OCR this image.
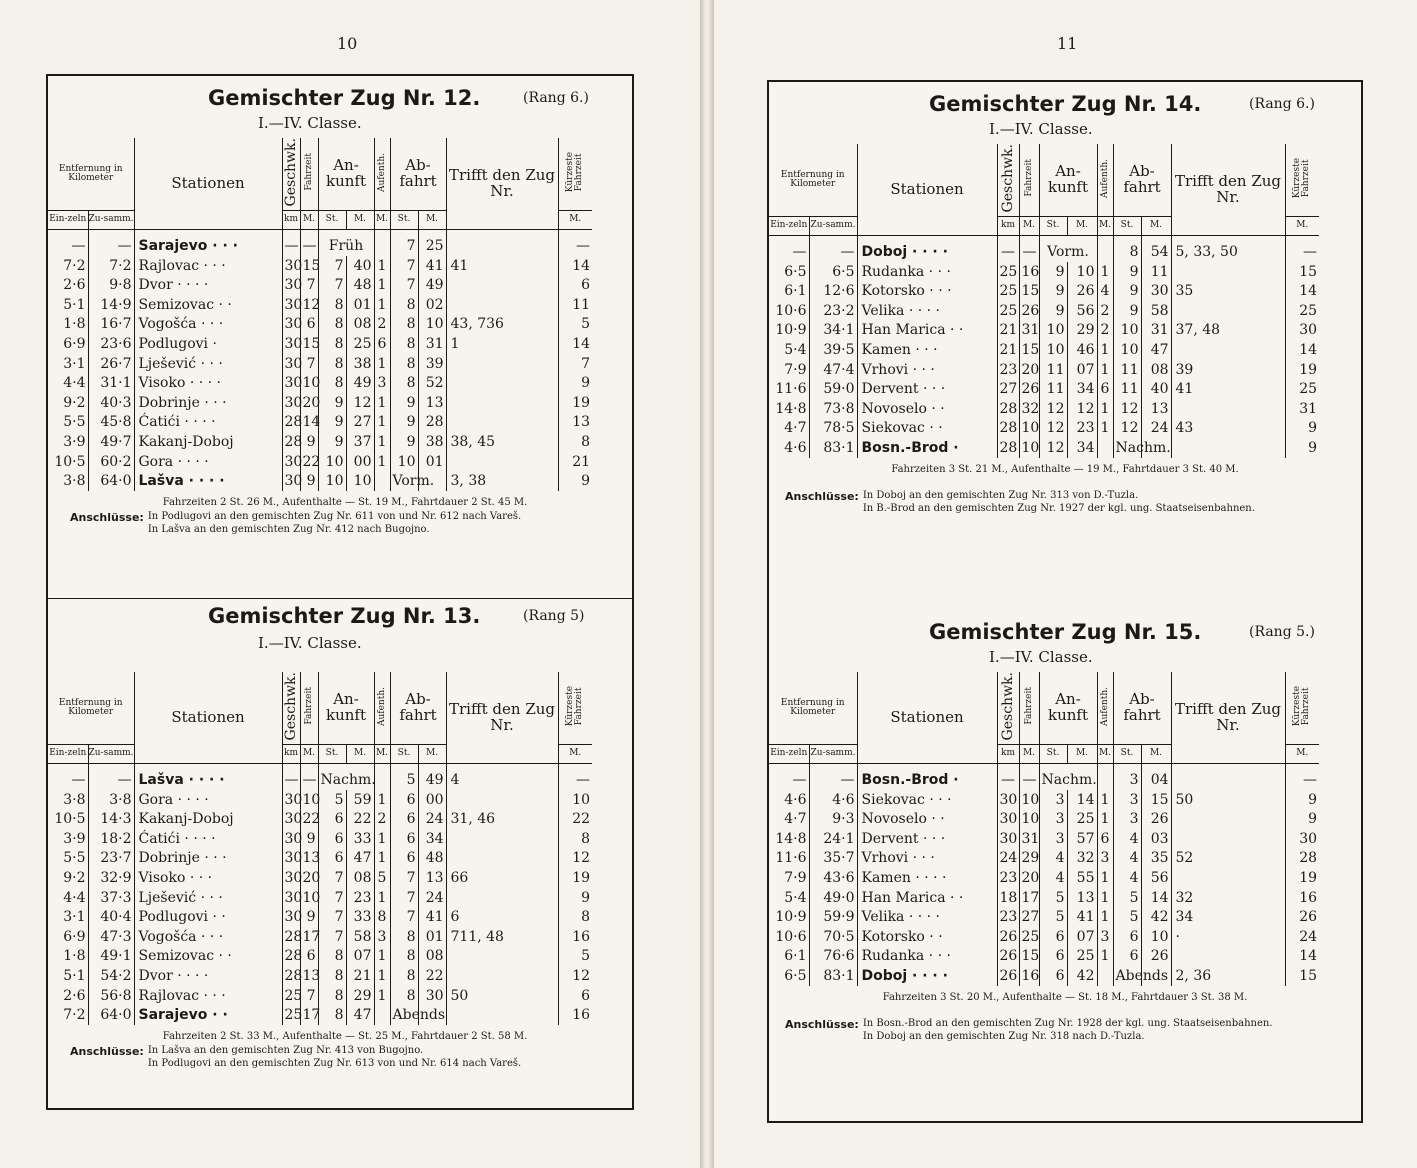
10	11
Gemischter Zug Nr. 12.	(Rang 6.)
I.—IV. Classe.
Entfernung in Kilometer		Stationen	Geschwk.	Fahrzeit	An-kunft		Aufenth.	Ab-fahrt		Trifft den Zug Nr.	Kürzeste Fahrzeit
Ein-zeln	Zu-samm.		km	M.	St.	M.	M.	St.	M.		M.
—	—	Sarajevo · · ·	—	—	Früh			7	25		—
7·2	7·2	Rajlovac · · ·	30	15	7	40	1	7	41	41	14
2·6	9·8	Dvor · · · ·	30	7	7	48	1	7	49		6
5·1	14·9	Semizovac · ·	30	12	8	01	1	8	02		11
1·8	16·7	Vogošća · · ·	30	6	8	08	2	8	10	43, 736	5
6·9	23·6	Podlugovi ·	30	15	8	25	6	8	31	1	14
3·1	26·7	Lješević · · ·	30	7	8	38	1	8	39		7
4·4	31·1	Visoko · · · ·	30	10	8	49	3	8	52		9
9·2	40·3	Dobrinje · · ·	30	20	9	12	1	9	13		19
5·5	45·8	Ćatići · · · ·	28	14	9	27	1	9	28		13
3·9	49·7	Kakanj-Doboj	28	9	9	37	1	9	38	38, 45	8
10·5	60·2	Gora · · · ·	30	22	10	00	1	10	01		21
3·8	64·0	Lašva · · · ·	30	9	10	10		Vorm.		3, 38	9
Fahrzeiten 2 St. 26 M., Aufenthalte — St. 19 M., Fahrtdauer 2 St. 45 M.
Anschlüsse: In Podlugovi an den gemischten Zug Nr. 611 von und Nr. 612 nach Vareš.
In Lašva an den gemischten Zug Nr. 412 nach Bugojno.
Gemischter Zug Nr. 13.	(Rang 5)
I.—IV. Classe.
Entfernung in Kilometer		Stationen	Geschwk.	Fahrzeit	An-kunft		Aufenth.	Ab-fahrt		Trifft den Zug Nr.	Kürzeste Fahrzeit
Ein-zeln	Zu-samm.		km	M.	St.	M.	M.	St.	M.		M.
—	—	Lašva · · · ·	—	—	Nachm.			5	49	4	—
3·8	3·8	Gora · · · ·	30	10	5	59	1	6	00		10
10·5	14·3	Kakanj-Doboj	30	22	6	22	2	6	24	31, 46	22
3·9	18·2	Ćatići · · · ·	30	9	6	33	1	6	34		8
5·5	23·7	Dobrinje · · ·	30	13	6	47	1	6	48		12
9·2	32·9	Visoko · · ·	30	20	7	08	5	7	13	66	19
4·4	37·3	Lješević · · ·	30	10	7	23	1	7	24		9
3·1	40·4	Podlugovi · ·	30	9	7	33	8	7	41	6	8
6·9	47·3	Vogošća · · ·	28	17	7	58	3	8	01	711, 48	16
1·8	49·1	Semizovac · ·	28	6	8	07	1	8	08		5
5·1	54·2	Dvor · · · ·	28	13	8	21	1	8	22		12
2·6	56·8	Rajlovac · · ·	25	7	8	29	1	8	30	50	6
7·2	64·0	Sarajevo · ·	25	17	8	47		Abends			16
Fahrzeiten 2 St. 33 M., Aufenthalte — St. 25 M., Fahrtdauer 2 St. 58 M.
Anschlüsse: In Lašva an den gemischten Zug Nr. 413 von Bugojno.
In Podlugovi an den gemischten Zug Nr. 613 von und Nr. 614 nach Vareš.
Gemischter Zug Nr. 14.	(Rang 6.)
I.—IV. Classe.
Entfernung in Kilometer		Stationen	Geschwk.	Fahrzeit	An-kunft		Aufenth.	Ab-fahrt		Trifft den Zug Nr.	Kürzeste Fahrzeit
Ein-zeln	Zu-samm.		km	M.	St.	M.	M.	St.	M.		M.
—	—	Doboj · · · ·	—	—	Vorm.			8	54	5, 33, 50	—
6·5	6·5	Rudanka · · ·	25	16	9	10	1	9	11		15
6·1	12·6	Kotorsko · · ·	25	15	9	26	4	9	30	35	14
10·6	23·2	Velika · · · ·	25	26	9	56	2	9	58		25
10·9	34·1	Han Marica · ·	21	31	10	29	2	10	31	37, 48	30
5·4	39·5	Kamen · · ·	21	15	10	46	1	10	47		14
7·9	47·4	Vrhovi · · ·	23	20	11	07	1	11	08	39	19
11·6	59·0	Dervent · · ·	27	26	11	34	6	11	40	41	25
14·8	73·8	Novoselo · ·	28	32	12	12	1	12	13		31
4·7	78·5	Siekovac · ·	28	10	12	23	1	12	24	43	9
4·6	83·1	Bosn.-Brod ·	28	10	12	34		Nachm.			9
Fahrzeiten 3 St. 21 M., Aufenthalte — 19 M., Fahrtdauer 3 St. 40 M.
Anschlüsse: In Doboj an den gemischten Zug Nr. 313 von D.-Tuzla.
In B.-Brod an den gemischten Zug Nr. 1927 der kgl. ung. Staatseisenbahnen.
Gemischter Zug Nr. 15.	(Rang 5.)
I.—IV. Classe.
Entfernung in Kilometer		Stationen	Geschwk.	Fahrzeit	An-kunft		Aufenth.	Ab-fahrt		Trifft den Zug Nr.	Kürzeste Fahrzeit
Ein-zeln	Zu-samm.		km	M.	St.	M.	M.	St.	M.		M.
—	—	Bosn.-Brod ·	—	—	Nachm.			3	04		—
4·6	4·6	Siekovac · · ·	30	10	3	14	1	3	15	50	9
4·7	9·3	Novoselo · ·	30	10	3	25	1	3	26		9
14·8	24·1	Dervent · · ·	30	31	3	57	6	4	03		30
11·6	35·7	Vrhovi · · ·	24	29	4	32	3	4	35	52	28
7·9	43·6	Kamen · · · ·	23	20	4	55	1	4	56		19
5·4	49·0	Han Marica · ·	18	17	5	13	1	5	14	32	16
10·9	59·9	Velika · · · ·	23	27	5	41	1	5	42	34	26
10·6	70·5	Kotorsko · ·	26	25	6	07	3	6	10	·	24
6·1	76·6	Rudanka · · ·	26	15	6	25	1	6	26		14
6·5	83·1	Doboj · · · ·	26	16	6	42		Abends		2, 36	15
Fahrzeiten 3 St. 20 M., Aufenthalte — St. 18 M., Fahrtdauer 3 St. 38 M.
Anschlüsse: In Bosn.-Brod an den gemischten Zug Nr. 1928 der kgl. ung. Staatseisenbahnen.
In Doboj an den gemischten Zug Nr. 318 nach D.-Tuzla.
